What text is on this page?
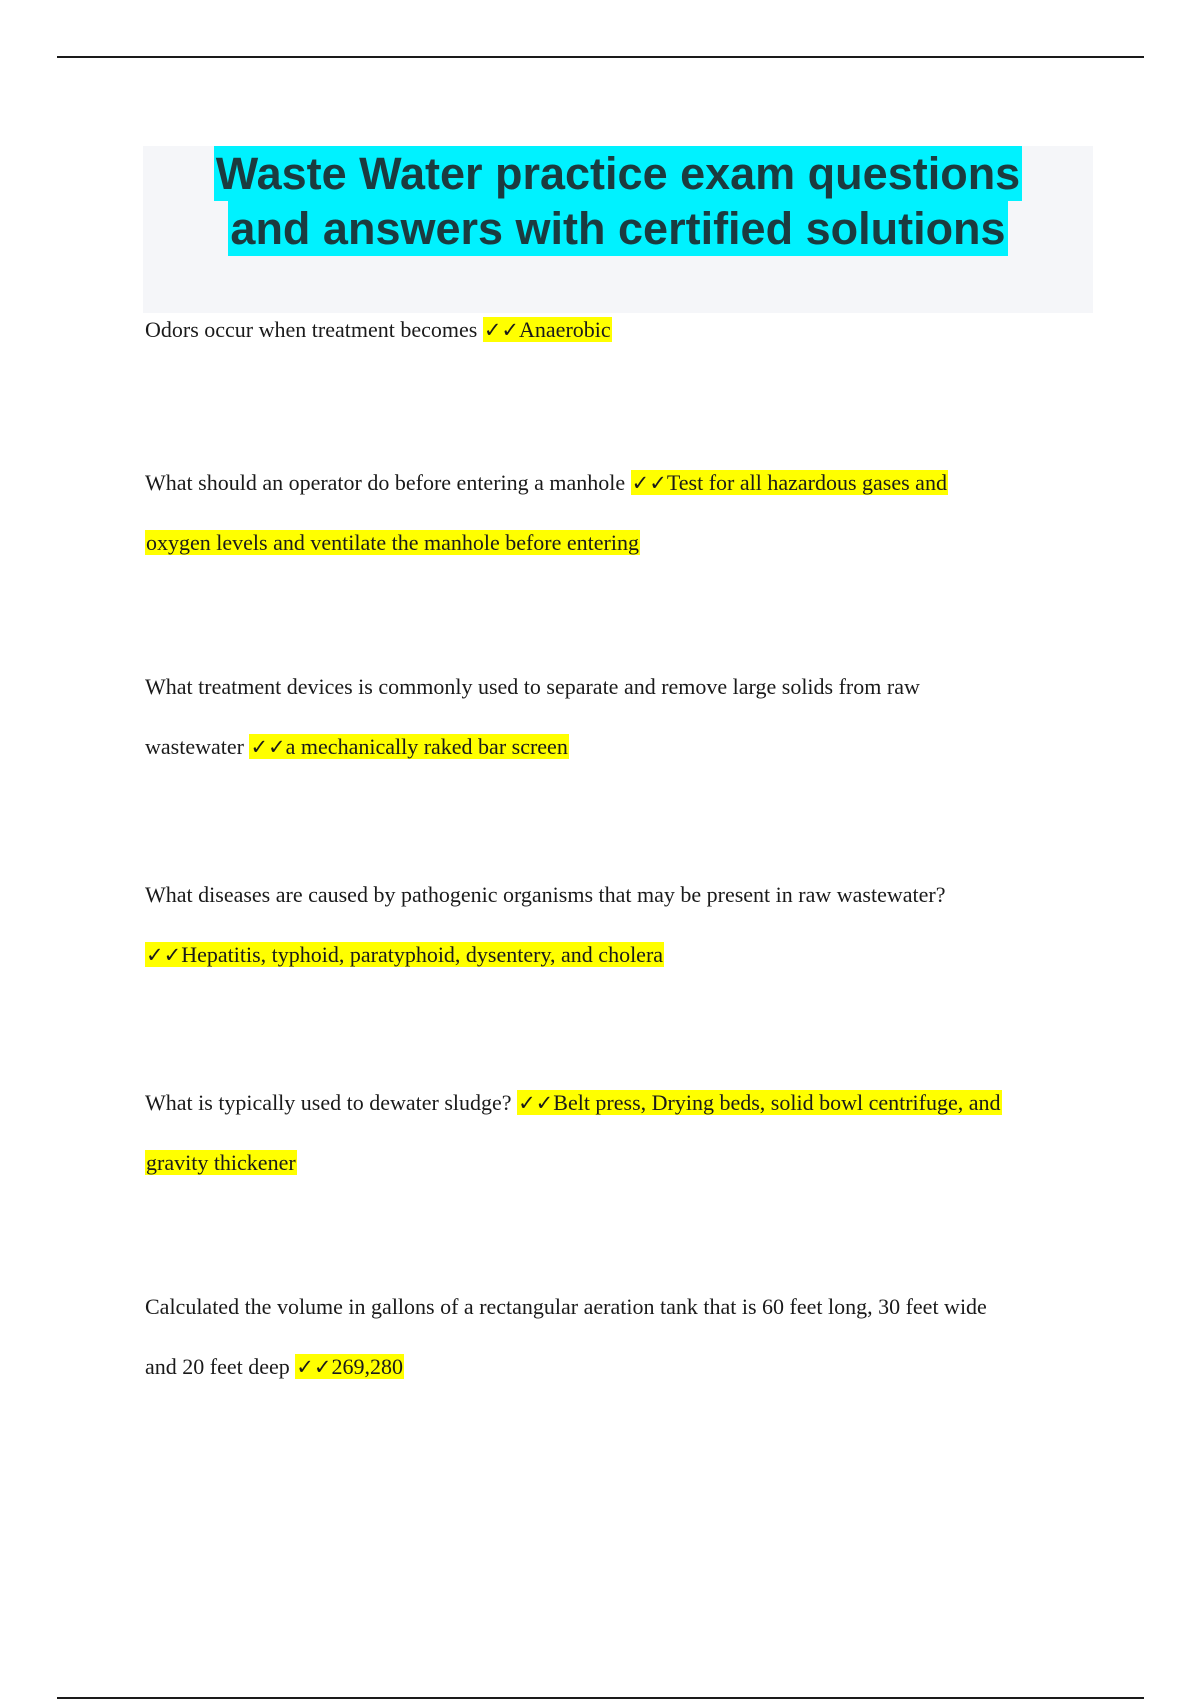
Waste Water practice exam questions
and answers with certified solutions
Odors occur when treatment becomes ✓✓Anaerobic
What should an operator do before entering a manhole ✓✓Test for all hazardous gases and
oxygen levels and ventilate the manhole before entering
What treatment devices is commonly used to separate and remove large solids from raw
wastewater ✓✓a mechanically raked bar screen
What diseases are caused by pathogenic organisms that may be present in raw wastewater?
✓✓Hepatitis, typhoid, paratyphoid, dysentery, and cholera
What is typically used to dewater sludge? ✓✓Belt press, Drying beds, solid bowl centrifuge, and
gravity thickener
Calculated the volume in gallons of a rectangular aeration tank that is 60 feet long, 30 feet wide
and 20 feet deep ✓✓269,280
